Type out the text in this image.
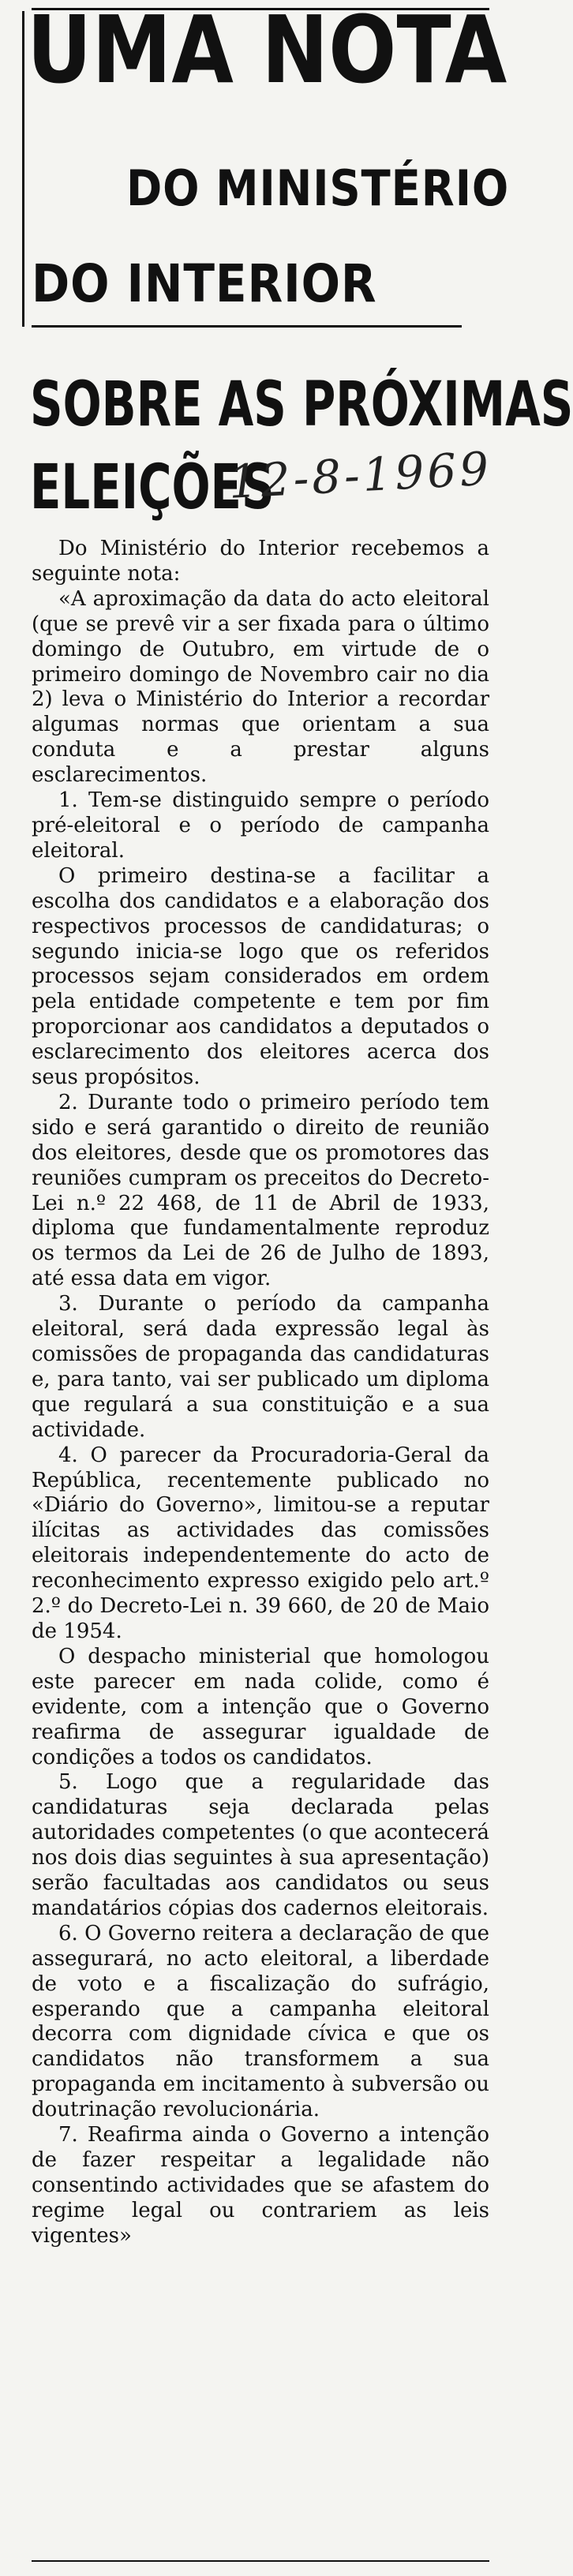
UMA NOTA
DO MINISTÉRIO
DO INTERIOR
SOBRE AS PRÓXIMAS
ELEIÇÕES
12-8-1969

Do Ministério do Interior recebemos a seguinte nota:

«A aproximação da data do acto eleitoral (que se prevê vir a ser fixada para o último domingo de Outubro, em virtude de o primeiro domingo de Novembro cair no dia 2) leva o Ministério do Interior a recordar algumas normas que orientam a sua conduta e a prestar alguns esclarecimentos.

1. Tem-se distinguido sempre o período pré-eleitoral e o período de campanha eleitoral.

O primeiro destina-se a facilitar a escolha dos candidatos e a elaboração dos respectivos processos de candidaturas; o segundo inicia-se logo que os referidos processos sejam considerados em ordem pela entidade competente e tem por fim proporcionar aos candidatos a deputados o esclarecimento dos eleitores acerca dos seus propósitos.

2. Durante todo o primeiro período tem sido e será garantido o direito de reunião dos eleitores, desde que os promotores das reuniões cumpram os preceitos do Decreto-Lei n.º 22 468, de 11 de Abril de 1933, diploma que fundamentalmente reproduz os termos da Lei de 26 de Julho de 1893, até essa data em vigor.

3. Durante o período da campanha eleitoral, será dada expressão legal às comissões de propaganda das candidaturas e, para tanto, vai ser publicado um diploma que regulará a sua constituição e a sua actividade.

4. O parecer da Procuradoria-Geral da República, recentemente publicado no «Diário do Governo», limitou-se a reputar ilícitas as actividades das comissões eleitorais independentemente do acto de reconhecimento expresso exigido pelo art.º 2.º do Decreto-Lei n. 39 660, de 20 de Maio de 1954.

O despacho ministerial que homologou este parecer em nada colide, como é evidente, com a intenção que o Governo reafirma de assegurar igualdade de condições a todos os candidatos.

5. Logo que a regularidade das candidaturas seja declarada pelas autoridades competentes (o que acontecerá nos dois dias seguintes à sua apresentação) serão facultadas aos candidatos ou seus mandatários cópias dos cadernos eleitorais.

6. O Governo reitera a declaração de que assegurará, no acto eleitoral, a liberdade de voto e a fiscalização do sufrágio, esperando que a campanha eleitoral decorra com dignidade cívica e que os candidatos não transformem a sua propaganda em incitamento à subversão ou doutrinação revolucionária.

7. Reafirma ainda o Governo a intenção de fazer respeitar a legalidade não consentindo actividades que se afastem do regime legal ou contrariem as leis vigentes»
